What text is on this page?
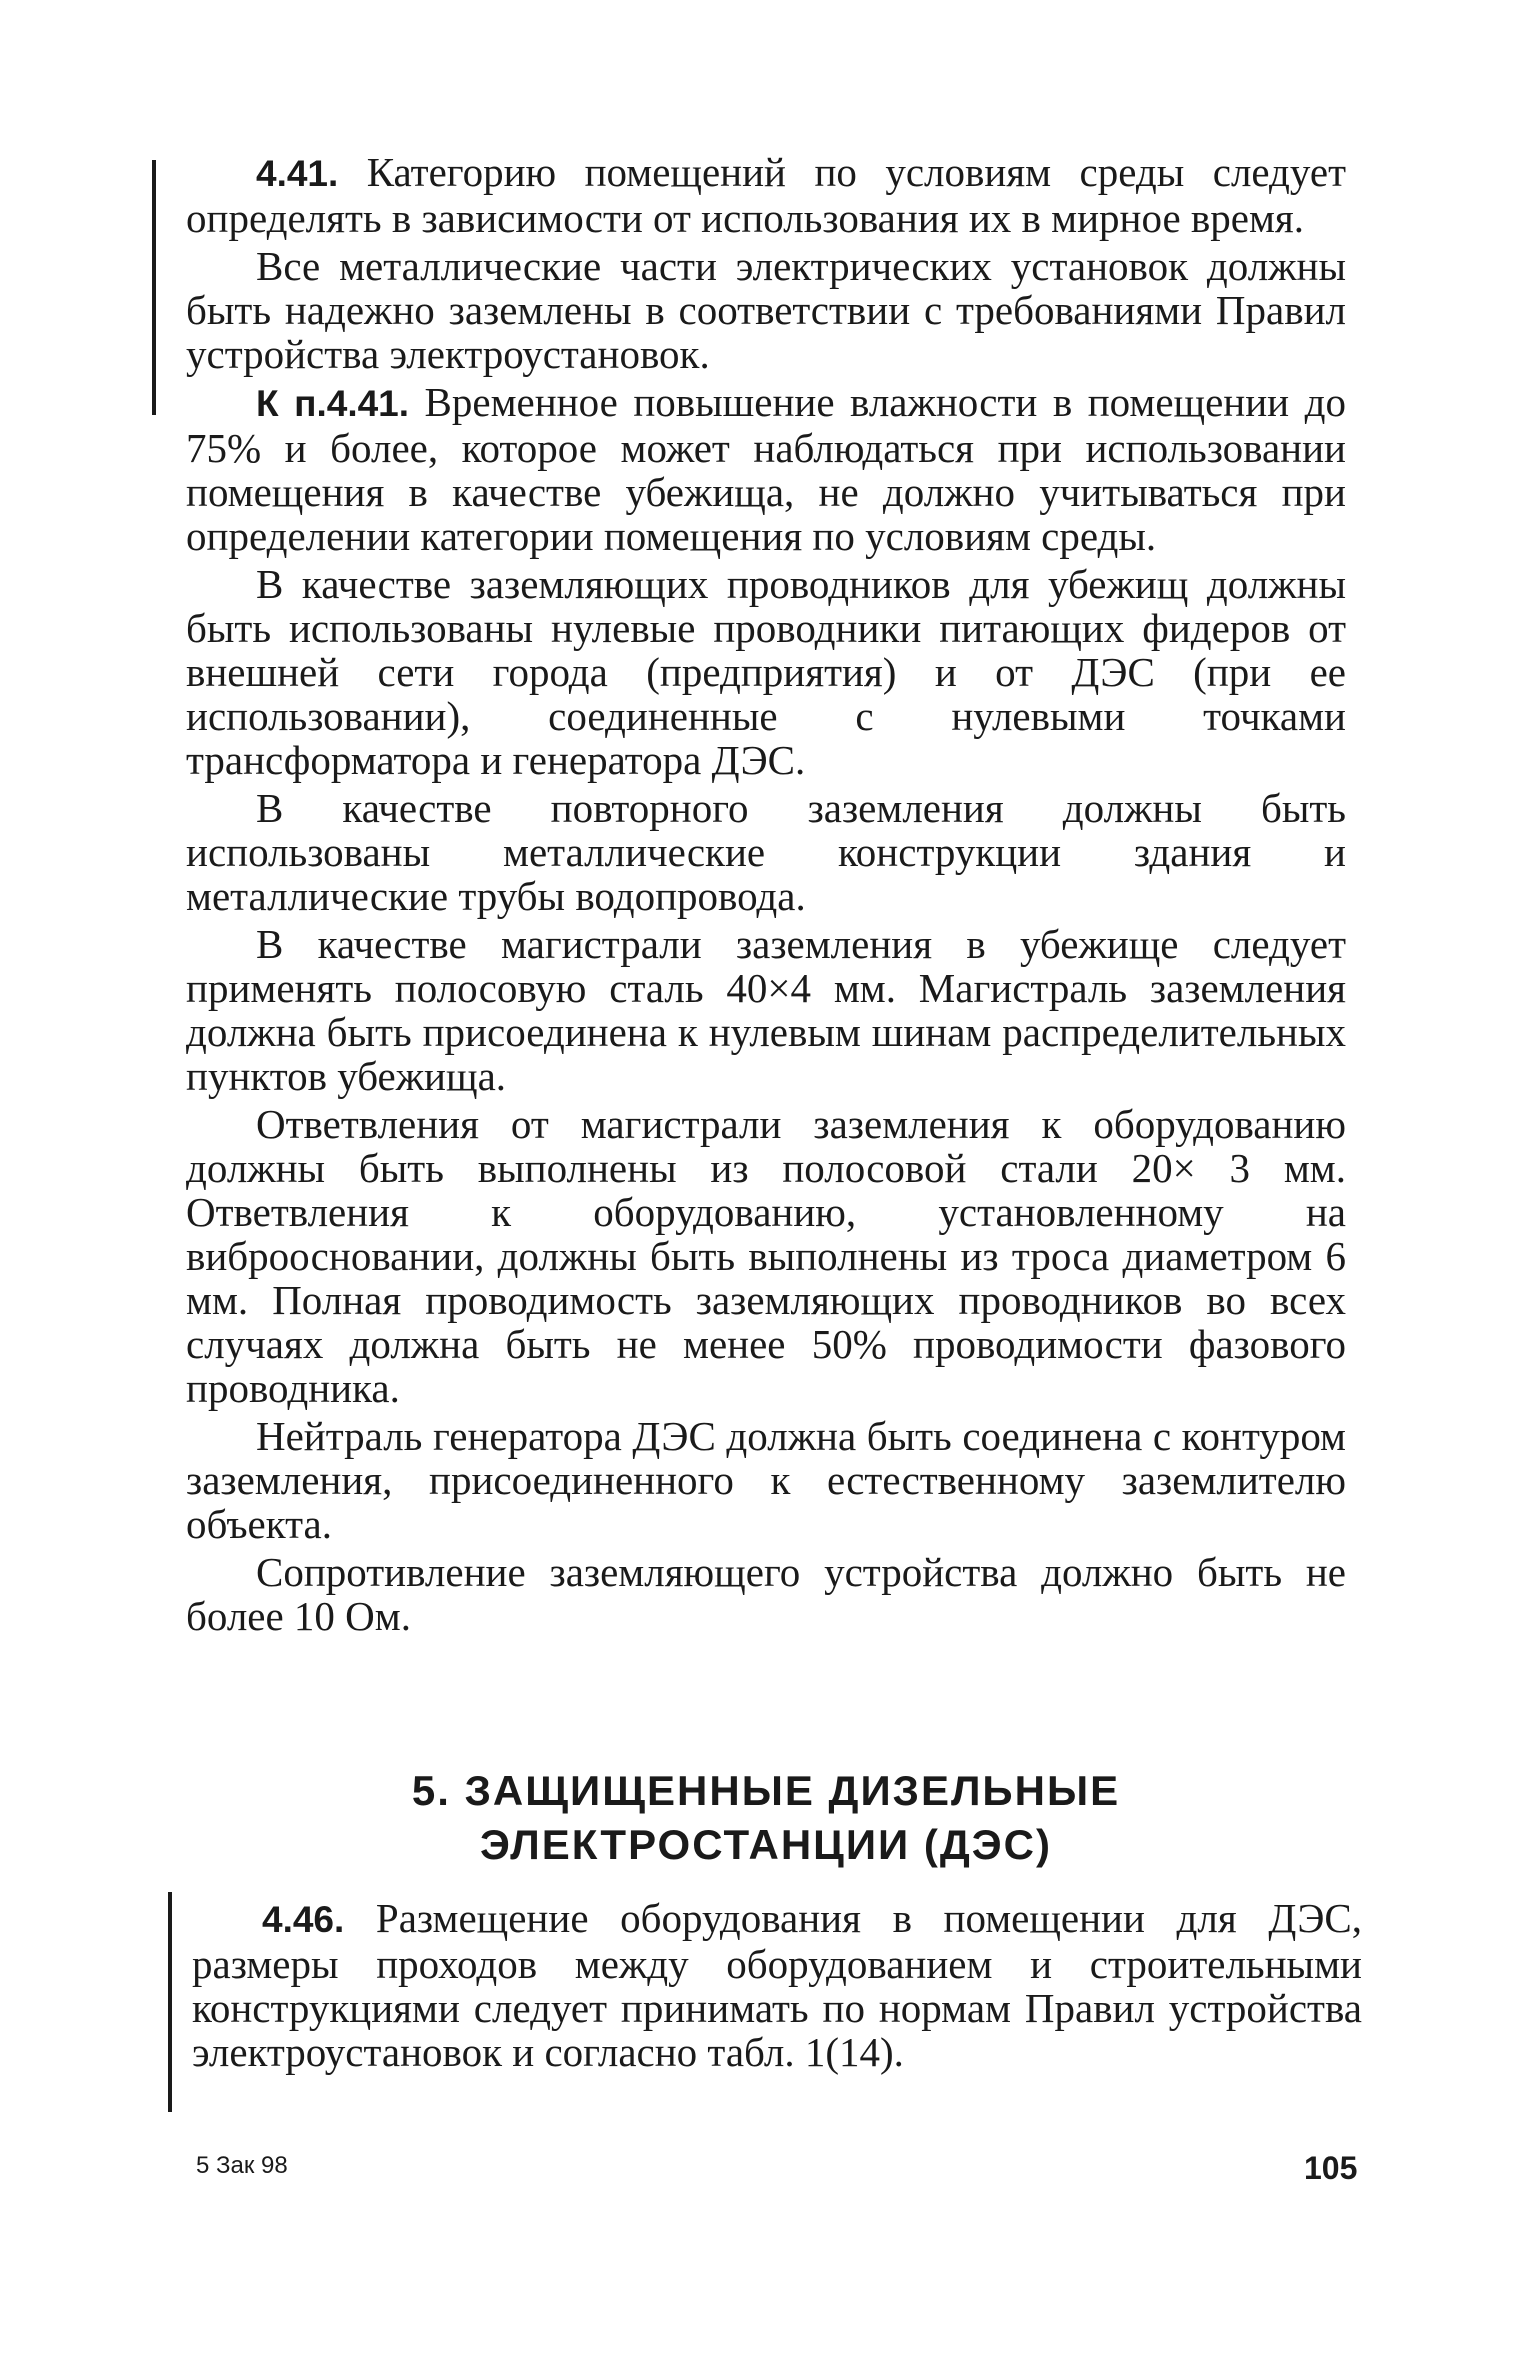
4.41. Категорию помещений по условиям среды следует определять в зависимости от использования их в мирное время.

Все металлические части электрических установок должны быть надежно заземлены в соответствии с требованиями Правил устройства электроустановок.

К п.4.41. Временное повышение влажности в помещении до 75% и более, которое может наблюдаться при использовании помещения в качестве убежища, не должно учитываться при определении категории помещения по условиям среды.

В качестве заземляющих проводников для убежищ должны быть использованы нулевые проводники питающих фидеров от внешней сети города (предприятия) и от ДЭС (при ее использовании), соединенные с нулевыми точками трансформатора и генератора ДЭС.

В качестве повторного заземления должны быть использованы металлические конструкции здания и металлические трубы водопровода.

В качестве магистрали заземления в убежище следует применять полосовую сталь 40×4 мм. Магистраль заземления должна быть присоединена к нулевым шинам распределительных пунктов убежища.

Ответвления от магистрали заземления к оборудованию должны быть выполнены из полосовой стали 20× 3 мм. Ответвления к оборудованию, установленному на виброосновании, должны быть выполнены из троса диаметром 6 мм. Полная проводимость заземляющих проводников во всех случаях должна быть не менее 50% проводимости фазового проводника.

Нейтраль генератора ДЭС должна быть соединена с контуром заземления, присоединенного к естественному заземлителю объекта.

Сопротивление заземляющего устройства должно быть не более 10 Ом.

5. ЗАЩИЩЕННЫЕ ДИЗЕЛЬНЫЕ
ЭЛЕКТРОСТАНЦИИ (ДЭС)

4.46. Размещение оборудования в помещении для ДЭС, размеры проходов между оборудованием и строительными конструкциями следует принимать по нормам Правил устройства электроустановок и согласно табл. 1(14).

5 Зак 98	105
